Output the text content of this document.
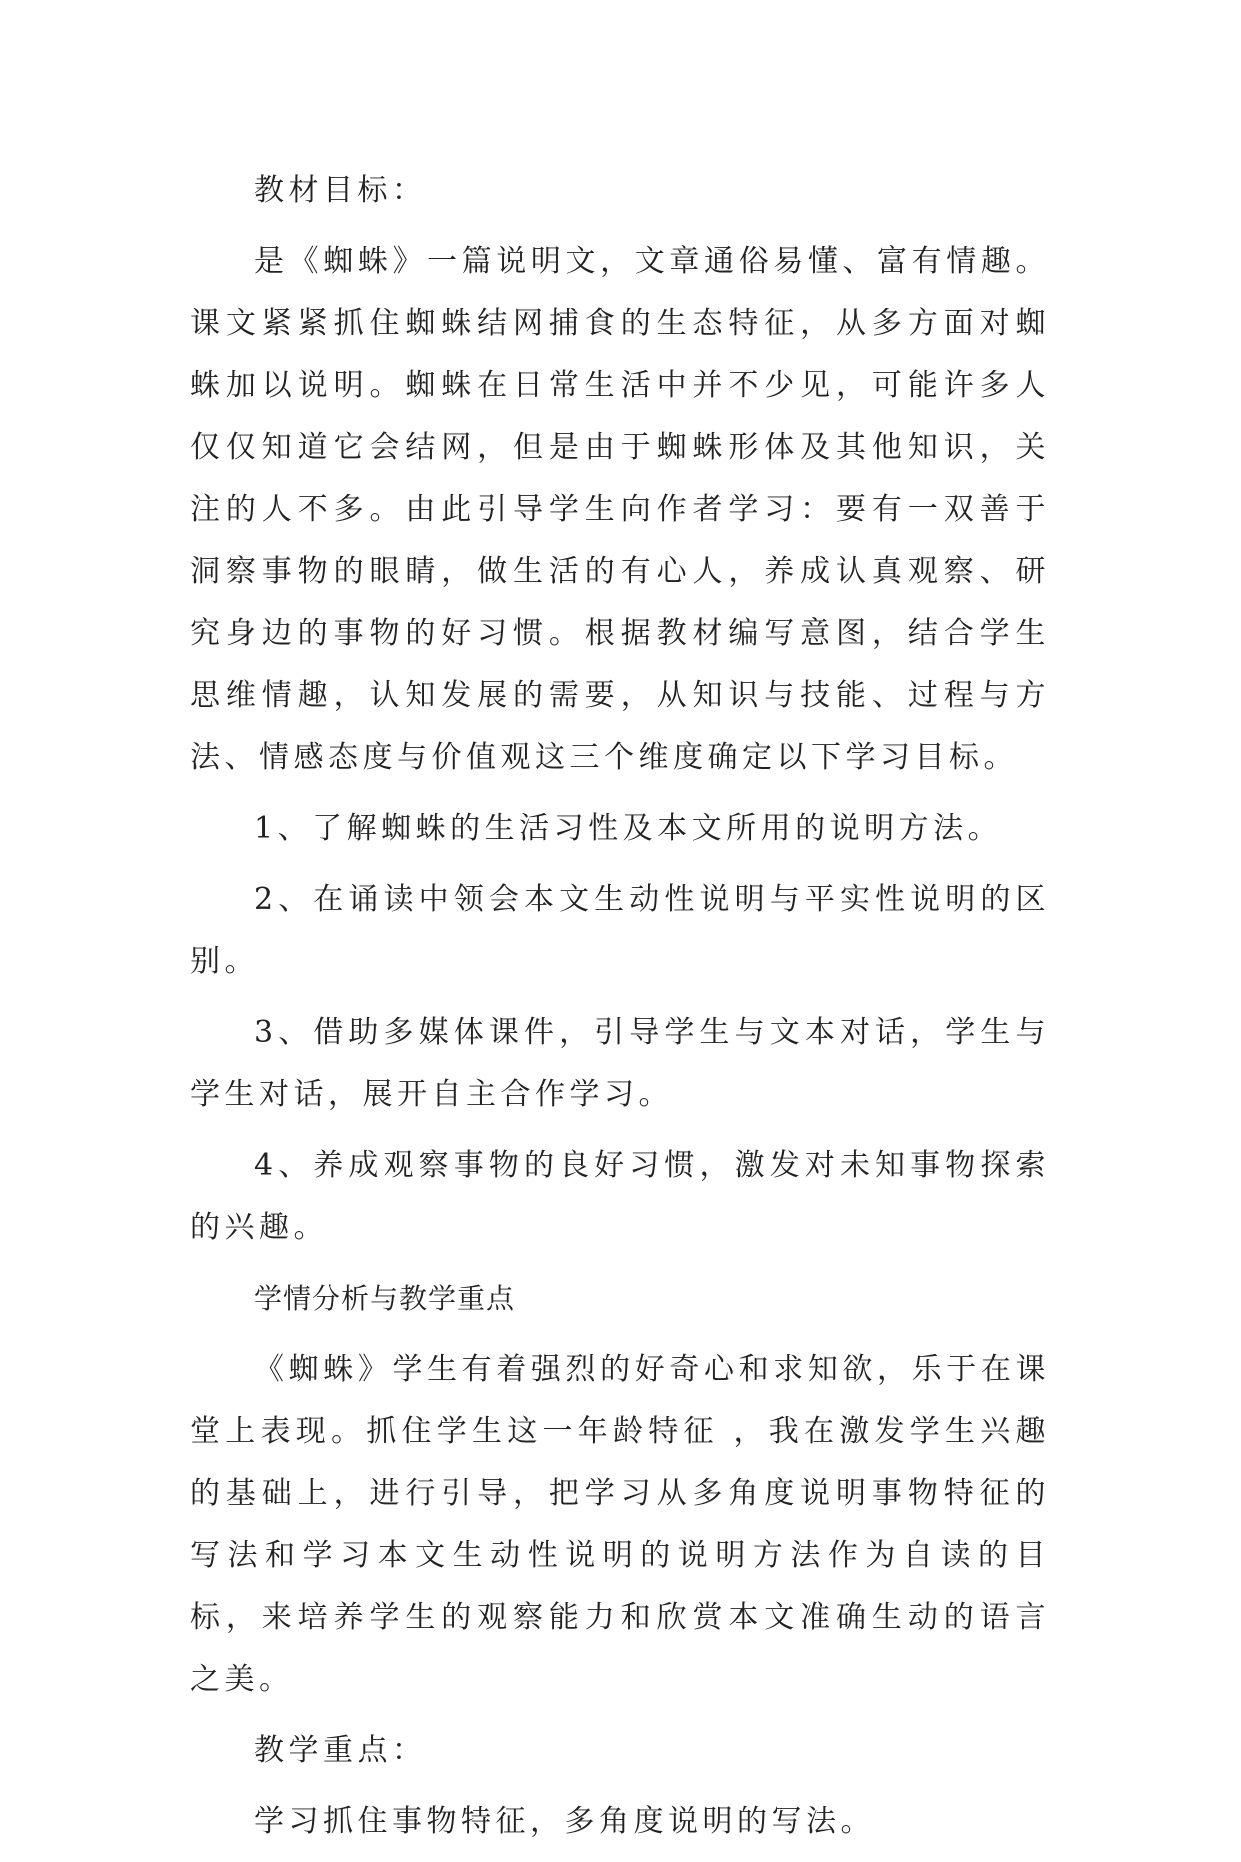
教材目标：

是《蜘蛛》一篇说明文，文章通俗易懂、富有情趣。课文紧紧抓住蜘蛛结网捕食的生态特征，从多方面对蜘蛛加以说明。蜘蛛在日常生活中并不少见，可能许多人仅仅知道它会结网，但是由于蜘蛛形体及其他知识，关注的人不多。由此引导学生向作者学习：要有一双善于洞察事物的眼睛，做生活的有心人，养成认真观察、研究身边的事物的好习惯。根据教材编写意图，结合学生思维情趣，认知发展的需要，从知识与技能、过程与方法、情感态度与价值观这三个维度确定以下学习目标。

1、了解蜘蛛的生活习性及本文所用的说明方法。

2、在诵读中领会本文生动性说明与平实性说明的区别。

3、借助多媒体课件，引导学生与文本对话，学生与学生对话，展开自主合作学习。

4、养成观察事物的良好习惯，激发对未知事物探索的兴趣。

学情分析与教学重点

《蜘蛛》学生有着强烈的好奇心和求知欲，乐于在课堂上表现。抓住学生这一年龄特征 ，我在激发学生兴趣的基础上，进行引导，把学习从多角度说明事物特征的写法和学习本文生动性说明的说明方法作为自读的目标，来培养学生的观察能力和欣赏本文准确生动的语言之美。

教学重点：

学习抓住事物特征，多角度说明的写法。
